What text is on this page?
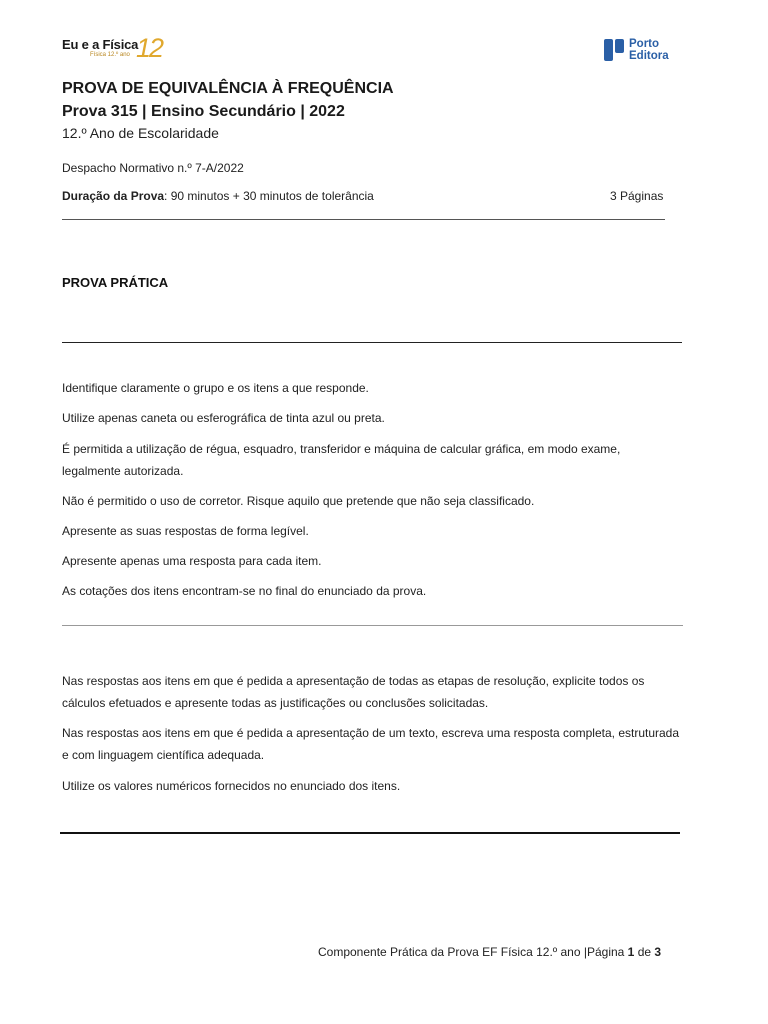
Eu e a Física
Física 12.º ano 12	Porto
Editora
PROVA DE EQUIVALÊNCIA À FREQUÊNCIA
Prova 315 | Ensino Secundário | 2022
12.º Ano de Escolaridade
Despacho Normativo n.º 7-A/2022
Duração da Prova: 90 minutos + 30 minutos de tolerância	3 Páginas
PROVA PRÁTICA
Identifique claramente o grupo e os itens a que responde.
Utilize apenas caneta ou esferográfica de tinta azul ou preta.
É permitida a utilização de régua, esquadro, transferidor e máquina de calcular gráfica, em modo exame, legalmente autorizada.
Não é permitido o uso de corretor. Risque aquilo que pretende que não seja classificado.
Apresente as suas respostas de forma legível.
Apresente apenas uma resposta para cada item.
As cotações dos itens encontram-se no final do enunciado da prova.
Nas respostas aos itens em que é pedida a apresentação de todas as etapas de resolução, explicite todos os cálculos efetuados e apresente todas as justificações ou conclusões solicitadas.
Nas respostas aos itens em que é pedida a apresentação de um texto, escreva uma resposta completa, estruturada e com linguagem científica adequada.
Utilize os valores numéricos fornecidos no enunciado dos itens.
Componente Prática da Prova EF Física 12.º ano |Página 1 de 3
